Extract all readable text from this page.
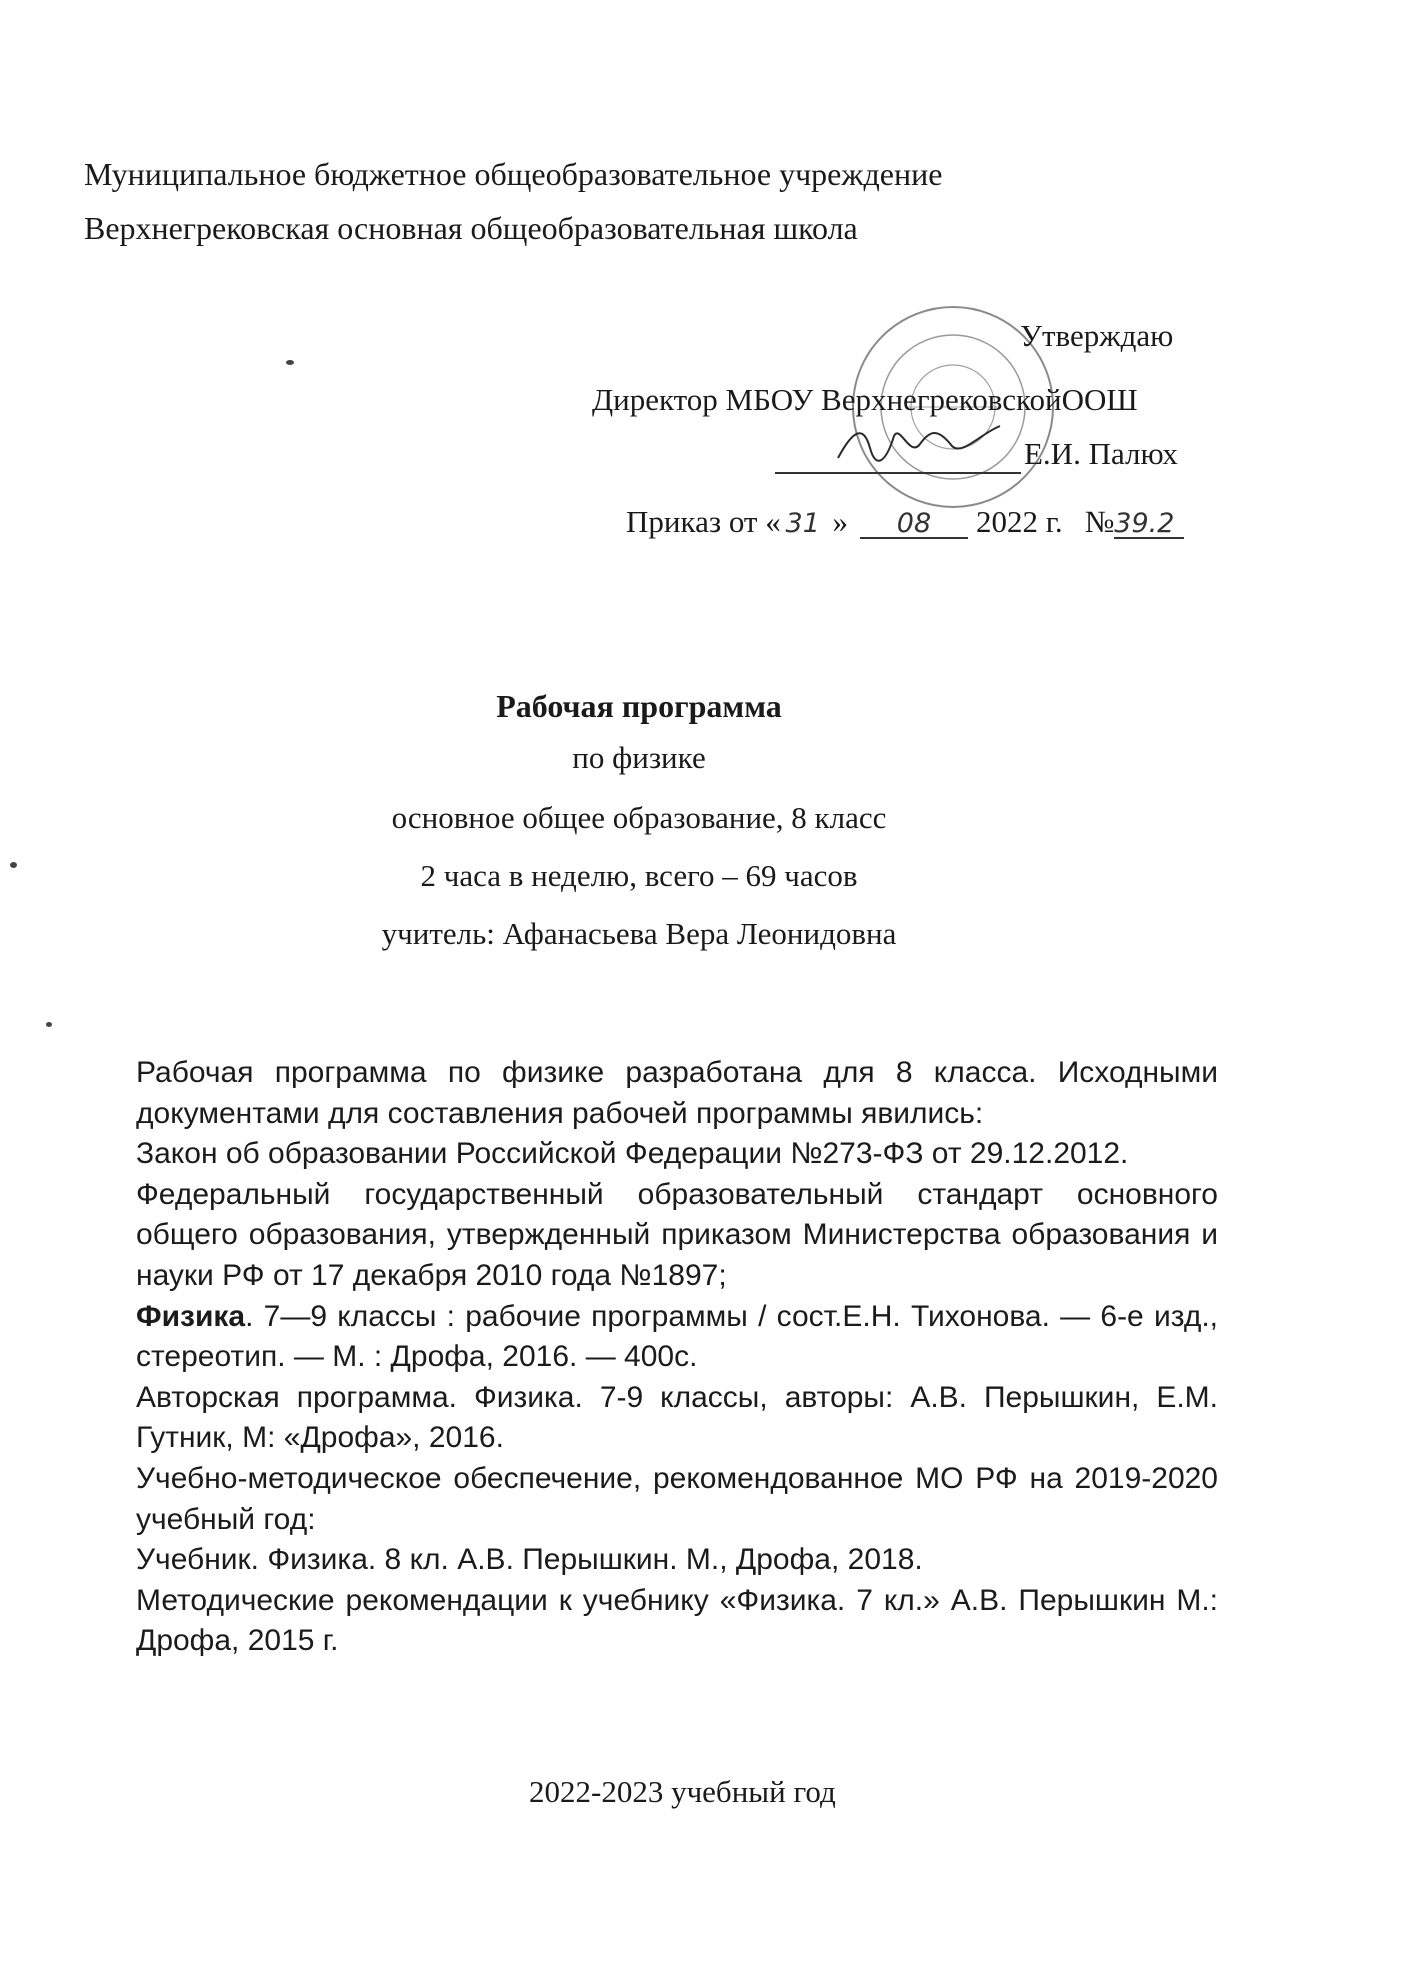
Муниципальное бюджетное общеобразовательное учреждение
Верхнегрековская основная общеобразовательная школа
Утверждаю
Директор МБОУ ВерхнегрековскойООШ
Е.И. Палюх
Приказ от « 31 » 08 2022 г. №39.2
Рабочая программа
по физике
основное общее образование, 8 класс
2 часа в неделю, всего – 69 часов
учитель: Афанасьева Вера Леонидовна

Рабочая программа по физике разработана для 8 класса. Исходными документами для составления рабочей программы явились:

Закон об образовании Российской Федерации №273-ФЗ от 29.12.2012.

Федеральный государственный образовательный стандарт основного общего образования, утвержденный приказом Министерства образования и науки РФ от 17 декабря 2010 года №1897;

Физика. 7—9 классы : рабочие программы / сост.Е.Н. Тихонова. — 6-е изд., стереотип. — М. : Дрофа, 2016. — 400с.

Авторская программа. Физика. 7-9 классы, авторы: А.В. Перышкин, Е.М. Гутник, М: «Дрофа», 2016.

Учебно-методическое обеспечение, рекомендованное МО РФ на 2019-2020 учебный год:

Учебник. Физика. 8 кл. А.В. Перышкин. М., Дрофа, 2018.

Методические рекомендации к учебнику «Физика. 7 кл.» А.В. Перышкин М.: Дрофа, 2015 г.

2022-2023 учебный год
